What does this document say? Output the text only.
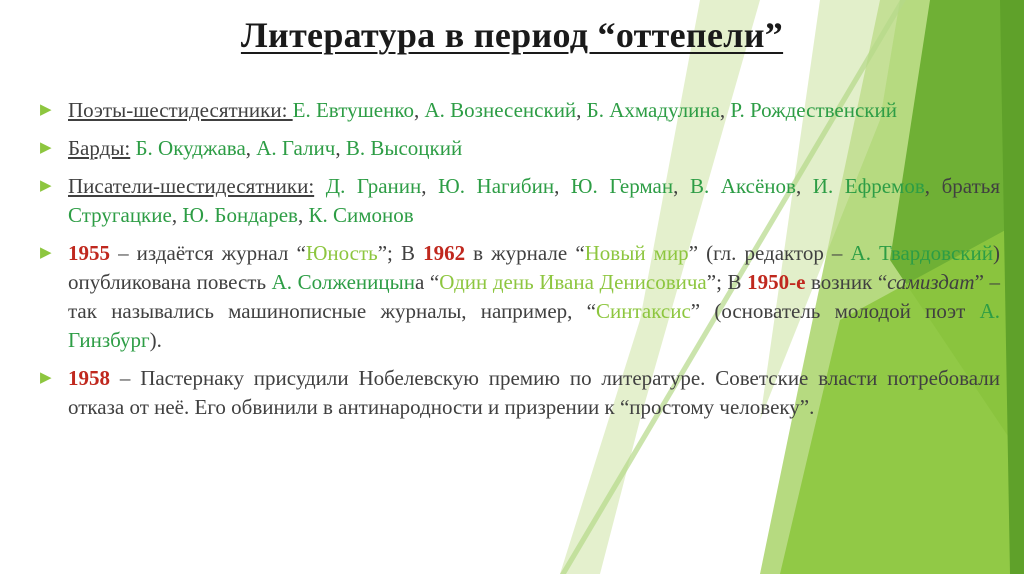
Литература в период “оттепели”
▶ Поэты-шестидесятники: Е. Евтушенко, А. Вознесенский, Б. Ахмадулина, Р. Рождественский
▶ Барды: Б. Окуджава, А. Галич, В. Высоцкий
▶ Писатели-шестидесятники: Д. Гранин, Ю. Нагибин, Ю. Герман, В. Аксёнов, И. Ефремов, братья Стругацкие, Ю. Бондарев, К. Симонов
▶ 1955 – издаётся журнал “Юность”; В 1962 в журнале “Новый мир” (гл. редактор – А. Твардовский) опубликована повесть А. Солженицына “Один день Ивана Денисовича”; В 1950-е возник “самиздат” – так назывались машинописные журналы, например, “Синтаксис” (основатель молодой поэт А. Гинзбург).
▶ 1958 – Пастернаку присудили Нобелевскую премию по литературе. Советские власти потребовали отказа от неё. Его обвинили в антинародности и призрении к “простому человеку”.
